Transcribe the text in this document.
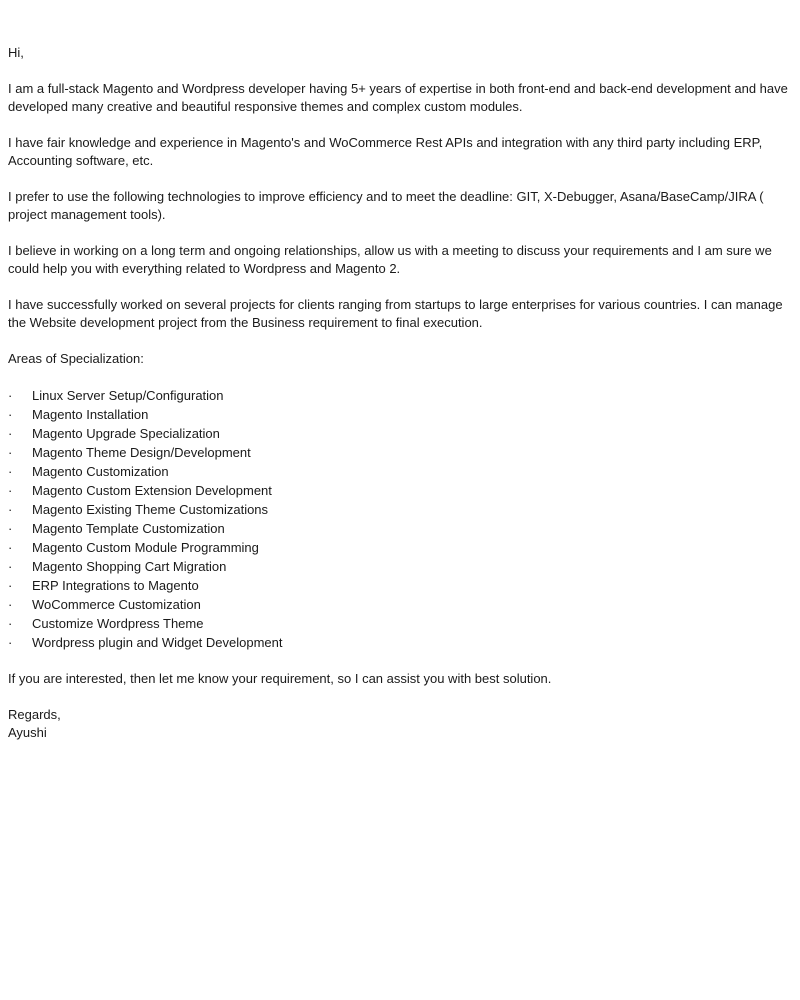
Hi,

I am a full-stack Magento and Wordpress developer having 5+ years of expertise in both front-end and back-end development and have developed many creative and beautiful responsive themes and complex custom modules.

I have fair knowledge and experience in Magento's and WoCommerce Rest APIs and integration with any third party including ERP, Accounting software, etc.

I prefer to use the following technologies to improve efficiency and to meet the deadline: GIT, X-Debugger, Asana/BaseCamp/JIRA ( project management tools).

I believe in working on a long term and ongoing relationships, allow us with a meeting to discuss your requirements and I am sure we could help you with everything related to Wordpress and Magento 2.

I have successfully worked on several projects for clients ranging from startups to large enterprises for various countries. I can manage the Website development project from the Business requirement to final execution.

Areas of Specialization:

·	Linux Server Setup/Configuration
·	Magento Installation
·	Magento Upgrade Specialization
·	Magento Theme Design/Development
·	Magento Customization
·	Magento Custom Extension Development
·	Magento Existing Theme Customizations
·	Magento Template Customization
·	Magento Custom Module Programming
·	Magento Shopping Cart Migration
·	ERP Integrations to Magento
·	WoCommerce Customization
·	Customize Wordpress Theme
·	Wordpress plugin and Widget Development

If you are interested, then let me know your requirement, so I can assist you with best solution.

Regards,

Ayushi
